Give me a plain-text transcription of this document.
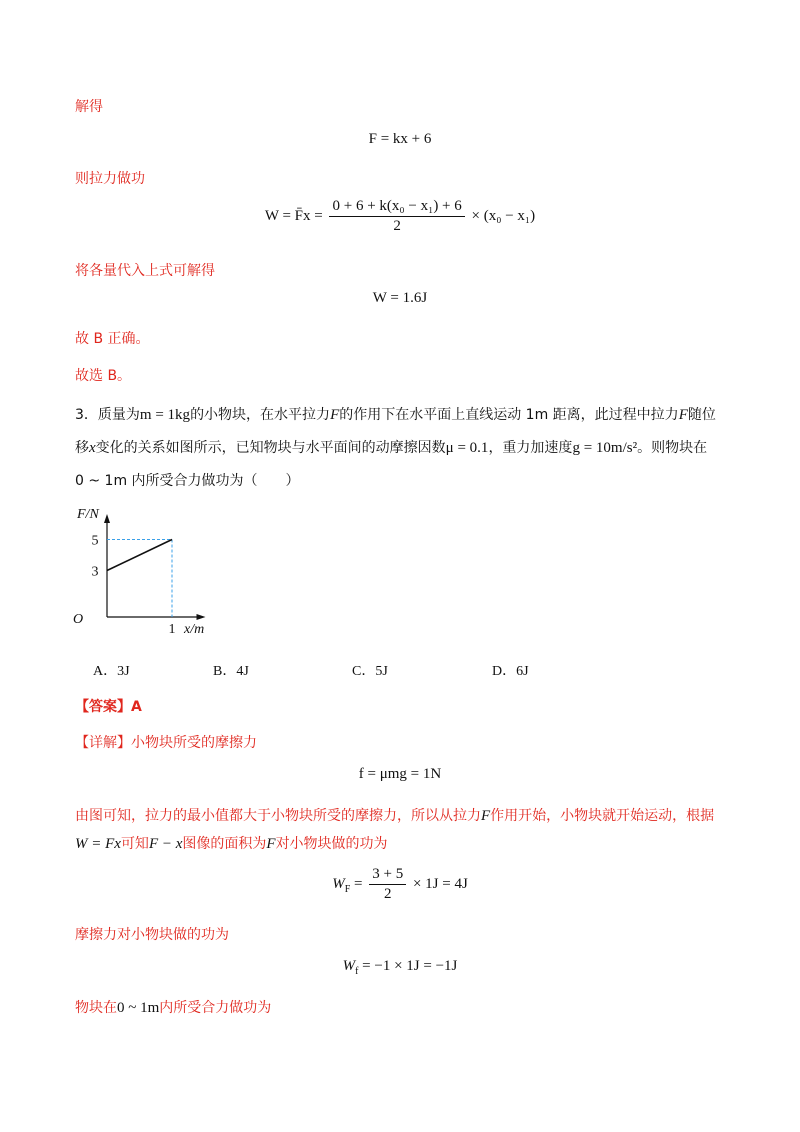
解得
F = kx + 6
则拉力做功
W = F̄x = $\frac{\text{0 + 6 + k(x₀ − x₁) + 6}}{2} \times (x_0 - x_1)$
将各量代入上式可解得
W = 1.6J
故 B 正确。
故选 B。
3．质量为m = 1kg的小物块，在水平拉力F的作用下在水平面上直线运动 1m 距离，此过程中拉力F随位
移x变化的关系如图所示，已知物块与水平面间的动摩擦因数μ = 0.1，重力加速度g = 10m/s²。则物块在
0 ~ 1m 内所受合力做功为（　　）
3
5
1
O
F/N
x/m
A．3J	B．4J	C．5J	D．6J
【答案】A
【详解】小物块所受的摩擦力
f = μmg = 1N
由图可知，拉力的最小值都大于小物块所受的摩擦力，所以从拉力F作用开始，小物块就开始运动，根据
W = Fx可知F − x图像的面积为F对小物块做的功为
$W_F = \frac{3 + 5}{2} \times 1J = 4J$
摩擦力对小物块做的功为
$W_f = -1 \times 1J = -1J$
物块在0 ~ 1m内所受合力做功为
